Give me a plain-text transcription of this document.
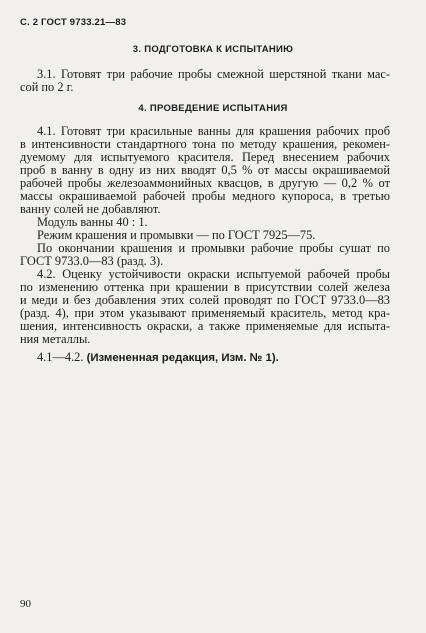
С. 2 ГОСТ 9733.21—83
3. ПОДГОТОВКА К ИСПЫТАНИЮ
3.1. Готовят три рабочие пробы смежной шерстяной ткани мас-
сой по 2 г.
4. ПРОВЕДЕНИЕ ИСПЫТАНИЯ
4.1. Готовят три красильные ванны для крашения рабочих проб
в интенсивности стандартного тона по методу крашения, рекомен-
дуемому для испытуемого красителя. Перед внесением рабочих
проб в ванну в одну из них вводят 0,5 % от массы окрашиваемой
рабочей пробы железоаммонийных квасцов, в другую — 0,2 % от
массы окрашиваемой рабочей пробы медного купороса, в третью
ванну солей не добавляют.
Модуль ванны 40 : 1.
Режим крашения и промывки — по ГОСТ 7925—75.
По окончании крашения и промывки рабочие пробы сушат по
ГОСТ 9733.0—83 (разд. 3).
4.2. Оценку устойчивости окраски испытуемой рабочей пробы
по изменению оттенка при крашении в присутствии солей железа
и меди и без добавления этих солей проводят по ГОСТ 9733.0—83
(разд. 4), при этом указывают применяемый краситель, метод кра-
шения, интенсивность окраски, а также применяемые для испыта-
ния металлы.
4.1—4.2. (Измененная редакция, Изм. № 1).
90
